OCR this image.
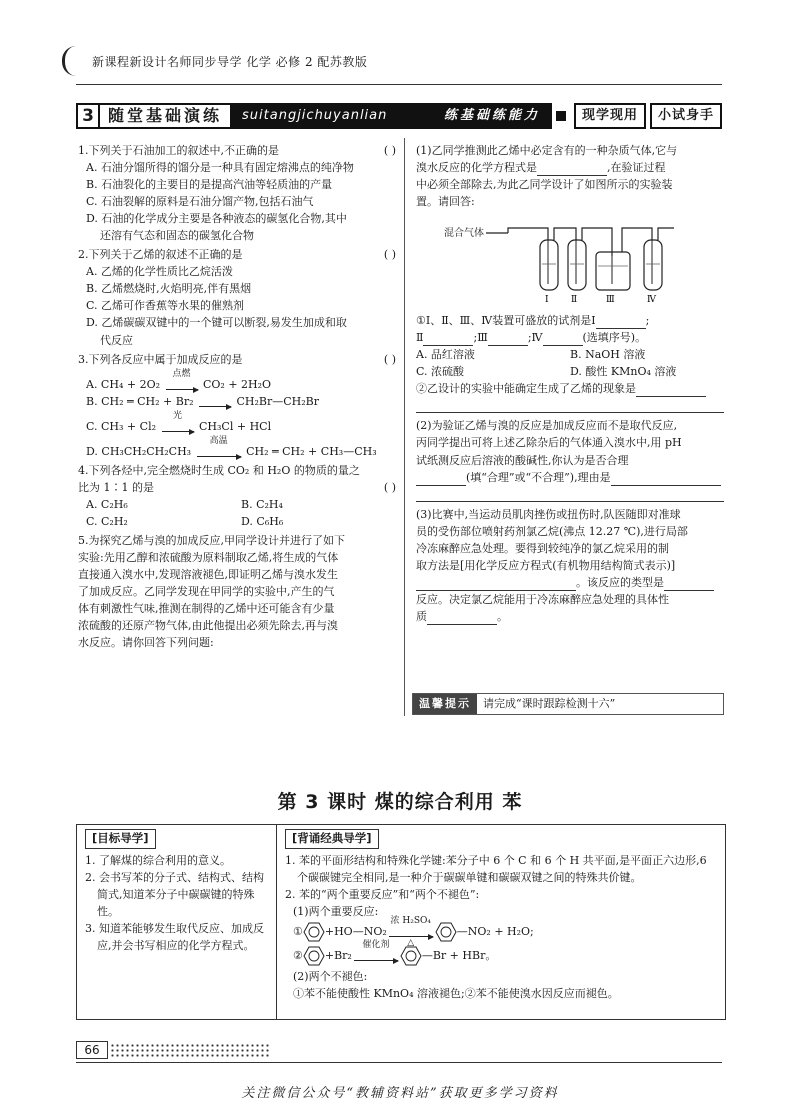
新课程新设计名师同步导学 化学 必修 2 配苏教版
3 随堂基础演练	suitangjichuyanlian	练基础练能力	现学现用	小试身手
1.下列关于石油加工的叙述中,不正确的是	( )
A. 石油分馏所得的馏分是一种具有固定熔沸点的纯净物
B. 石油裂化的主要目的是提高汽油等轻质油的产量
C. 石油裂解的原料是石油分馏产物,包括石油气
D. 石油的化学成分主要是各种液态的碳氢化合物,其中
还溶有气态和固态的碳氢化合物
2.下列关于乙烯的叙述不正确的是	( )
A. 乙烯的化学性质比乙烷活泼
B. 乙烯燃烧时,火焰明亮,伴有黑烟
C. 乙烯可作香蕉等水果的催熟剂
D. 乙烯碳碳双键中的一个键可以断裂,易发生加成和取
代反应
3.下列各反应中属于加成反应的是	( )
A. CH₄ + 2O₂
点燃
CO₂ + 2H₂O
B. CH₂ ═ CH₂ + Br₂	CH₂Br—CH₂Br
C. CH₃ + Cl₂
光
CH₃Cl + HCl
D. CH₃CH₂CH₂CH₃
高温
CH₂ ═ CH₂ + CH₃—CH₃
4.下列各烃中,完全燃烧时生成 CO₂ 和 H₂O 的物质的量之
比为 1∶1 的是	( )
A. C₂H₆	B. C₂H₄
C. C₂H₂	D. C₆H₆
5.为探究乙烯与溴的加成反应,甲同学设计并进行了如下
实验:先用乙醇和浓硫酸为原料制取乙烯,将生成的气体
直接通入溴水中,发现溶液褪色,即证明乙烯与溴水发生
了加成反应。乙同学发现在甲同学的实验中,产生的气
体有刺激性气味,推测在制得的乙烯中还可能含有少量
浓硫酸的还原产物气体,由此他提出必须先除去,再与溴
水反应。请你回答下列问题:
(1)乙同学推测此乙烯中必定含有的一种杂质气体,它与
溴水反应的化学方程式是	,在验证过程
中必须全部除去,为此乙同学设计了如图所示的实验装
置。请回答:
混合气体
Ⅰ Ⅱ	Ⅲ	Ⅳ
①Ⅰ、Ⅱ、Ⅲ、Ⅳ装置可盛放的试剂是Ⅰ	;
Ⅱ	;Ⅲ	;Ⅳ	(选填序号)。
A. 品红溶液	B. NaOH 溶液
C. 浓硫酸	D. 酸性 KMnO₄ 溶液
②乙设计的实验中能确定生成了乙烯的现象是
(2)为验证乙烯与溴的反应是加成反应而不是取代反应,
丙同学提出可将上述乙除杂后的气体通入溴水中,用 pH
试纸测反应后溶液的酸碱性,你认为是否合理
(填“合理”或“不合理”),理由是
(3)比赛中,当运动员肌肉挫伤或扭伤时,队医随即对准球
员的受伤部位喷射药剂氯乙烷(沸点 12.27 ℃),进行局部
冷冻麻醉应急处理。要得到较纯净的氯乙烷采用的制
取方法是[用化学反应方程式(有机物用结构简式表示)]
。该反应的类型是
反应。决定氯乙烷能用于冷冻麻醉应急处理的具体性
质	。
温馨提示	请完成“课时跟踪检测十六”
第 3 课时 煤的综合利用 苯
[目标导学]

1. 了解煤的综合利用的意义。

2. 会书写苯的分子式、结构式、结构简式,知道苯分子中碳碳键的特殊性。

3. 知道苯能够发生取代反应、加成反应,并会书写相应的化学方程式。

[背诵经典导学]

1. 苯的平面形结构和特殊化学键:苯分子中 6 个 C 和 6 个 H 共平面,是平面正六边形,6 个碳碳键完全相同,是一种介于碳碳单键和碳碳双键之间的特殊共价键。

2. 苯的“两个重要反应”和“两个不褪色”:

(1)两个重要反应:

① +HO—NO₂
浓 H₂SO₄
△
—NO₂ + H₂O;
② +Br₂
催化剂
—Br + HBr。

(2)两个不褪色:

①苯不能使酸性 KMnO₄ 溶液褪色;②苯不能使溴水因反应而褪色。

66
关注微信公众号“教辅资料站”获取更多学习资料
